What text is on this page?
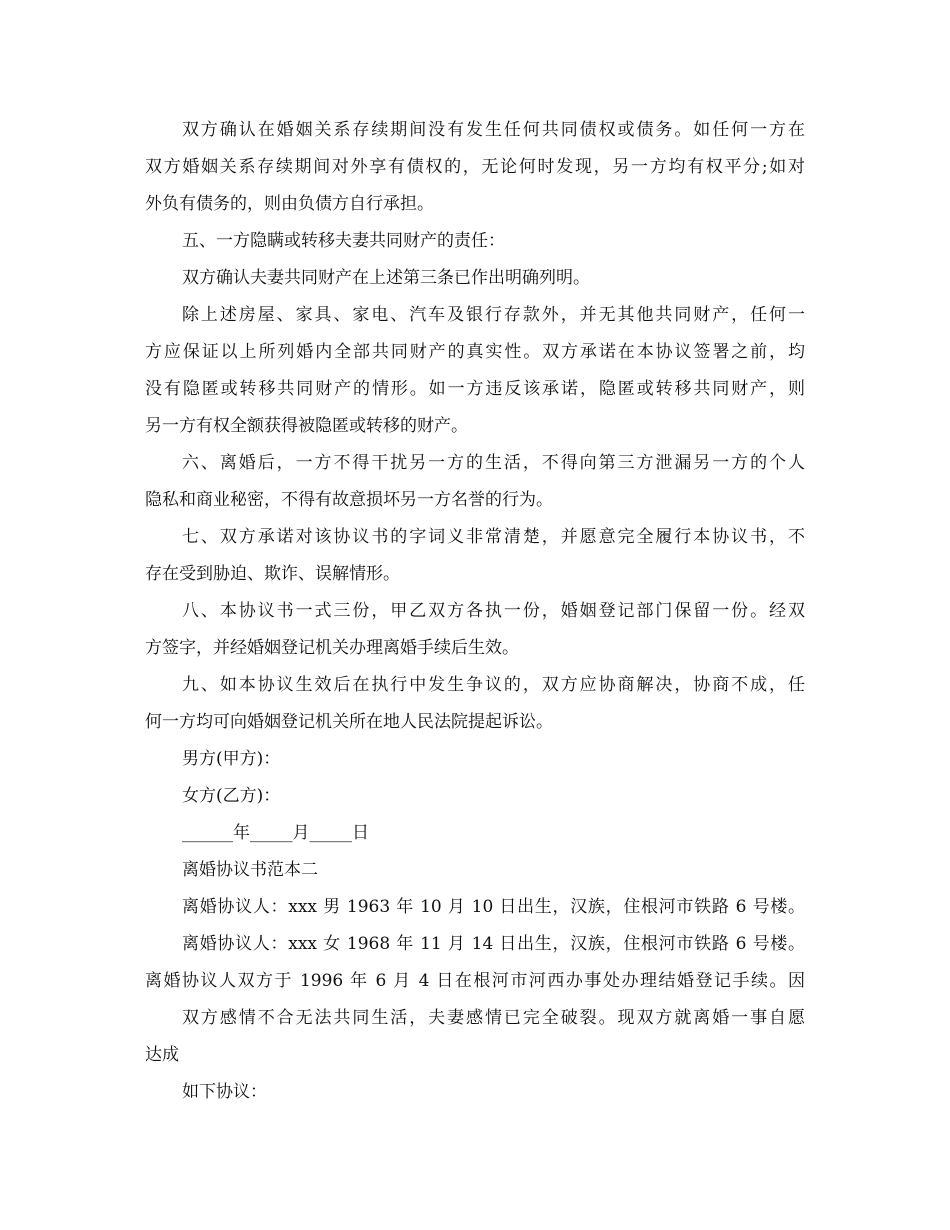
双方确认在婚姻关系存续期间没有发生任何共同债权或债务。如任何一方在
双方婚姻关系存续期间对外享有债权的，无论何时发现，另一方均有权平分;如对
外负有债务的，则由负债方自行承担。
五、一方隐瞒或转移夫妻共同财产的责任：
双方确认夫妻共同财产在上述第三条已作出明确列明。
除上述房屋、家具、家电、汽车及银行存款外，并无其他共同财产，任何一
方应保证以上所列婚内全部共同财产的真实性。双方承诺在本协议签署之前，均
没有隐匿或转移共同财产的情形。如一方违反该承诺，隐匿或转移共同财产，则
另一方有权全额获得被隐匿或转移的财产。
六、离婚后，一方不得干扰另一方的生活，不得向第三方泄漏另一方的个人
隐私和商业秘密，不得有故意损坏另一方名誉的行为。
七、双方承诺对该协议书的字词义非常清楚，并愿意完全履行本协议书，不
存在受到胁迫、欺诈、误解情形。
八、本协议书一式三份，甲乙双方各执一份，婚姻登记部门保留一份。经双
方签字，并经婚姻登记机关办理离婚手续后生效。
九、如本协议生效后在执行中发生争议的，双方应协商解决，协商不成，任
何一方均可向婚姻登记机关所在地人民法院提起诉讼。
男方(甲方)：
女方(乙方)：
______年_____月_____日
离婚协议书范本二
离婚协议人：xxx 男 1963 年 10 月 10 日出生，汉族，住根河市铁路 6 号楼。
离婚协议人：xxx 女 1968 年 11 月 14 日出生，汉族，住根河市铁路 6 号楼。
离婚协议人双方于 1996 年 6 月 4 日在根河市河西办事处办理结婚登记手续。因
双方感情不合无法共同生活，夫妻感情已完全破裂。现双方就离婚一事自愿
达成
如下协议：
